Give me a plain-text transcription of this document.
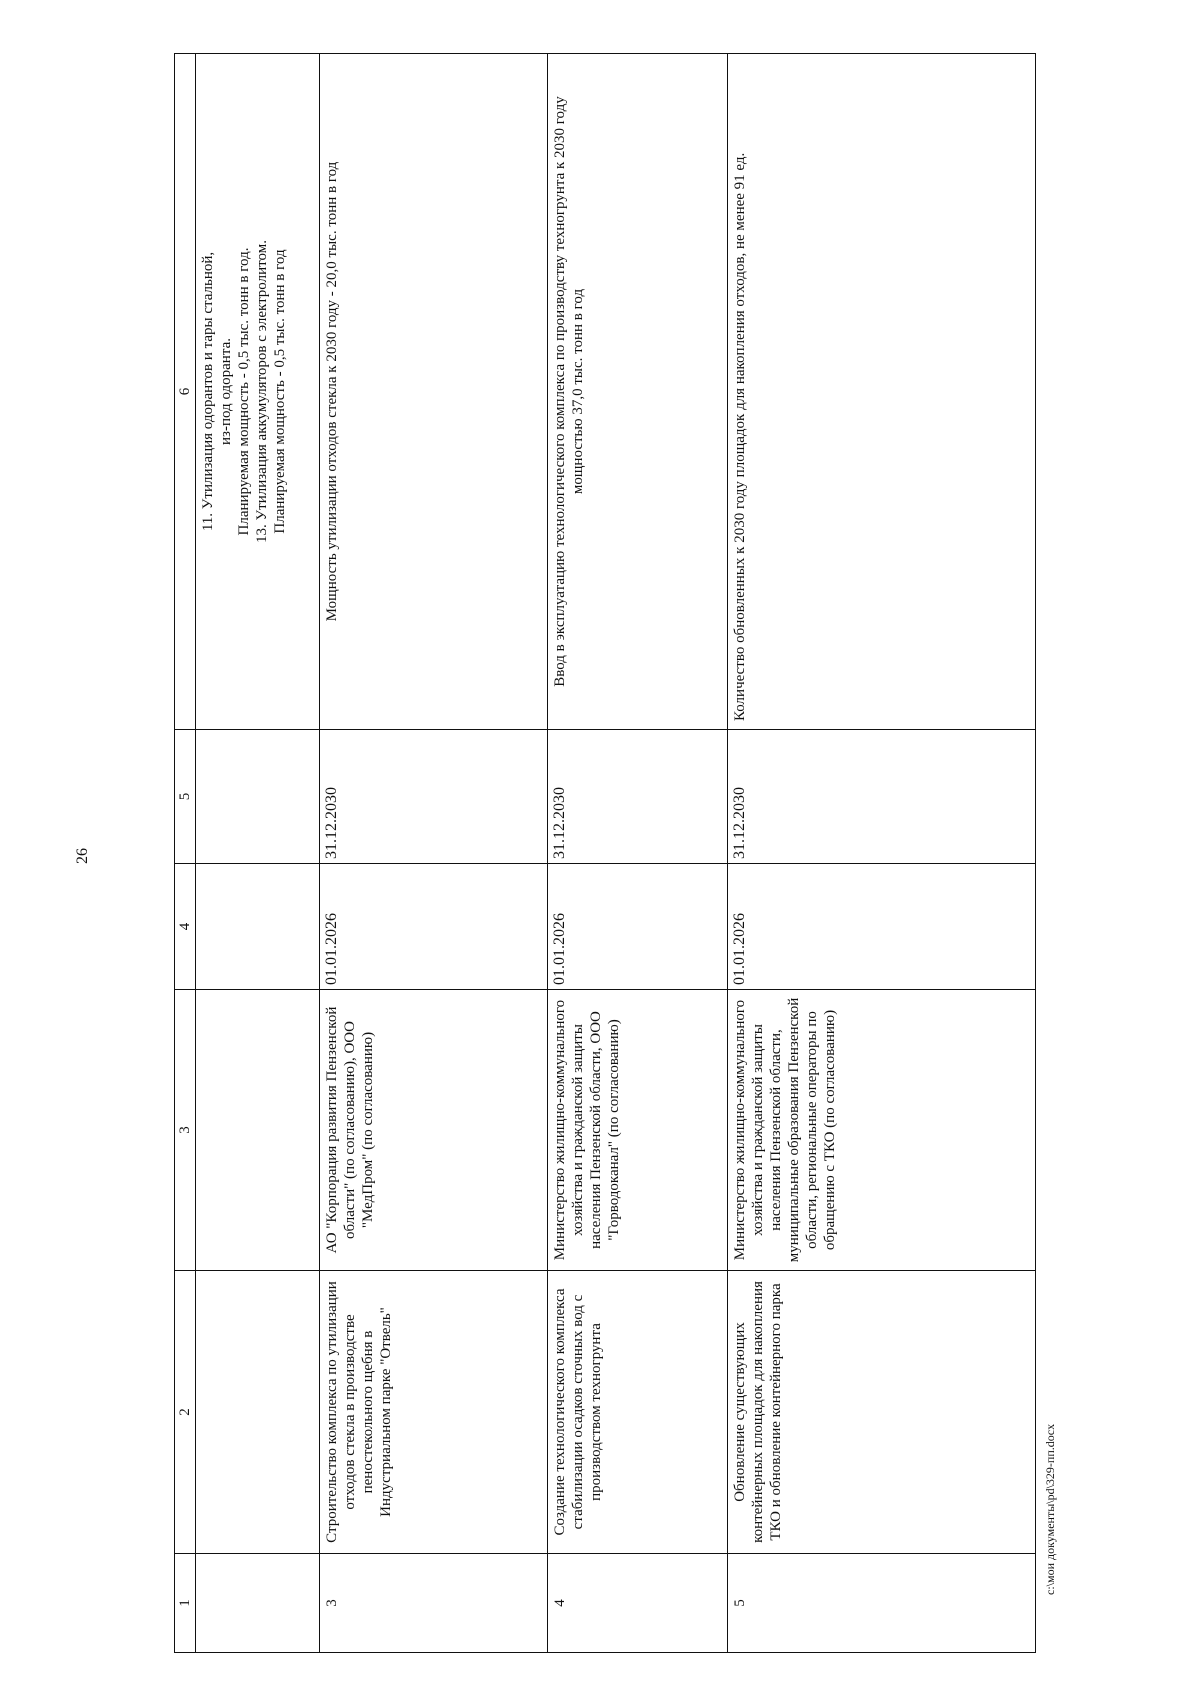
26
1	2	3	4	5	6

					11. Утилизация одорантов и тары стальной, из-под одоранта. Планируемая мощность - 0,5 тыс. тонн в год. 13. Утилизация аккумуляторов с электролитом. Планируемая мощность - 0,5 тыс. тонн в год

3	Строительство комплекса по утилизации отходов стекла в производстве пеностекольного щебня в Индустриальном парке "Отвель"	АО "Корпорация развития Пензенской области" (по согласованию), ООО "МедПром" (по согласованию)	01.01.2026	31.12.2030	Мощность утилизации отходов стекла к 2030 году - 20,0 тыс. тонн в год
4	Создание технологического комплекса стабилизации осадков сточных вод с производством техногрунта	Министерство жилищно-коммунального хозяйства и гражданской защиты населения Пензенской области, ООО "Горводоканал" (по согласованию)	01.01.2026	31.12.2030	Ввод в эксплуатацию технологического комплекса по производству техногрунта к 2030 году мощностью 37,0 тыс. тонн в год
5	Обновление существующих контейнерных площадок для накопления ТКО и обновление контейнерного парка	Министерство жилищно-коммунального хозяйства и гражданской защиты населения Пензенской области, муниципальные образования Пензенской области, региональные операторы по обращению с ТКО (по согласованию)	01.01.2026	31.12.2030	Количество обновленных к 2030 году площадок для накопления отходов, не менее 91 ед.
c:\мои документы\pd\329-пп.docx
